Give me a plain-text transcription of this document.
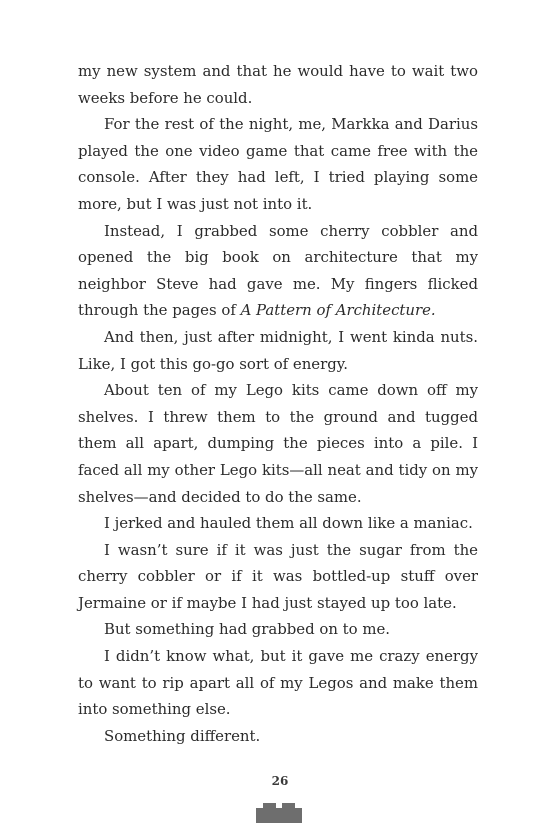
my new system and that he would have to wait two weeks before he could.

For the rest of the night, me, Markka and Darius played the one video game that came free with the console. After they had left, I tried playing some more, but I was just not into it.

Instead, I grabbed some cherry cobbler and opened the big book on architecture that my neighbor Steve had gave me. My fingers flicked through the pages of A Pattern of Architecture.

And then, just after midnight, I went kinda nuts. Like, I got this go-go sort of energy.

About ten of my Lego kits came down off my shelves. I threw them to the ground and tugged them all apart, dumping the pieces into a pile. I faced all my other Lego kits—all neat and tidy on my shelves—and decided to do the same.

I jerked and hauled them all down like a maniac.

I wasn’t sure if it was just the sugar from the cherry cobbler or if it was bottled-up stuff over Jermaine or if maybe I had just stayed up too late.

But something had grabbed on to me.

I didn’t know what, but it gave me crazy energy to want to rip apart all of my Legos and make them into something else.

Something different.

26
